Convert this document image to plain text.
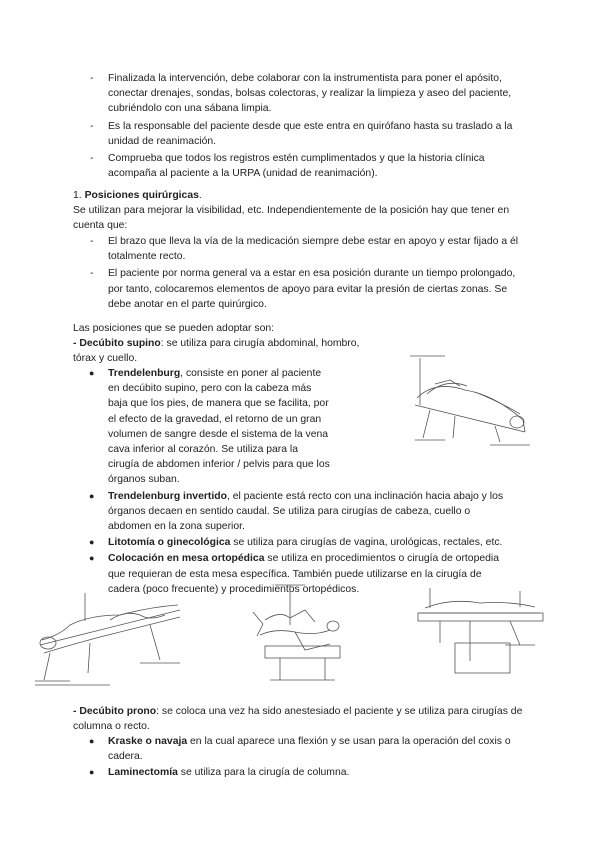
- Finalizada la intervención, debe colaborar con la instrumentista para poner el apósito, conectar drenajes, sondas, bolsas colectoras, y realizar la limpieza y aseo del paciente, cubriéndolo con una sábana limpia.
- Es la responsable del paciente desde que este entra en quirófano hasta su traslado a la unidad de reanimación.
- Comprueba que todos los registros estén cumplimentados y que la historia clínica acompaña al paciente a la URPA (unidad de reanimación).
1. Posiciones quirúrgicas.
Se utilizan para mejorar la visibilidad, etc. Independientemente de la posición hay que tener en cuenta que:
- El brazo que lleva la vía de la medicación siempre debe estar en apoyo y estar fijado a él totalmente recto.
- El paciente por norma general va a estar en esa posición durante un tiempo prolongado, por tanto, colocaremos elementos de apoyo para evitar la presión de ciertas zonas. Se debe anotar en el parte quirúrgico.
Las posiciones que se pueden adoptar son:
- Decúbito supino: se utiliza para cirugía abdominal, hombro, tórax y cuello.
● Trendelenburg, consiste en poner al paciente en decúbito supino, pero con la cabeza más baja que los pies, de manera que se facilita, por el efecto de la gravedad, el retorno de un gran volumen de sangre desde el sistema de la vena cava inferior al corazón. Se utiliza para la cirugía de abdomen inferior / pelvis para que los órganos suban.
● Trendelenburg invertido, el paciente está recto con una inclinación hacia abajo y los órganos decaen en sentido caudal. Se utiliza para cirugías de cabeza, cuello o abdomen en la zona superior.
● Litotomía o ginecológica se utiliza para cirugías de vagina, urológicas, rectales, etc.
● Colocación en mesa ortopédica se utiliza en procedimientos o cirugía de ortopedia que requieran de esta mesa específica. También puede utilizarse en la cirugía de cadera (poco frecuente) y procedimientos ortopédicos.
- Decúbito prono: se coloca una vez ha sido anestesiado el paciente y se utiliza para cirugías de columna o recto.
● Kraske o navaja en la cual aparece una flexión y se usan para la operación del coxis o cadera.
● Laminectomía se utiliza para la cirugía de columna.
